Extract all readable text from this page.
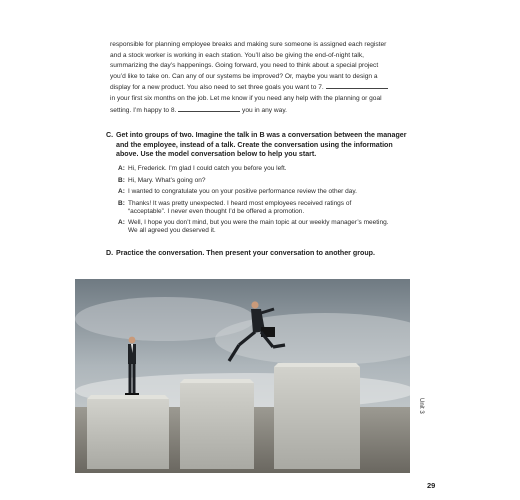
responsible for planning employee breaks and making sure someone is assigned each register

and a stock worker is working in each station. You’ll also be giving the end-of-night talk,

summarizing the day’s happenings. Going forward, you need to think about a special project

you’d like to take on. Can any of our systems be improved? Or, maybe you want to design a

display for a new product. You also need to set three goals you want to 7.

in your first six months on the job. Let me know if you need any help with the planning or goal

setting. I’m happy to 8.	you in any way.

C. Get into groups of two. Imagine the talk in B was a conversation between the manager
and the employee, instead of a talk. Create the conversation using the information
above. Use the model conversation below to help you start.
A: Hi, Frederick. I’m glad I could catch you before you left.
B: Hi, Mary. What’s going on?
A: I wanted to congratulate you on your positive performance review the other day.
B: Thanks! It was pretty unexpected. I heard most employees received ratings of
“acceptable”. I never even thought I’d be offered a promotion.
A: Well, I hope you don’t mind, but you were the main topic at our weekly manager’s meeting.
We all agreed you deserved it.
D. Practice the conversation. Then present your conversation to another group.
Unit 3
29
